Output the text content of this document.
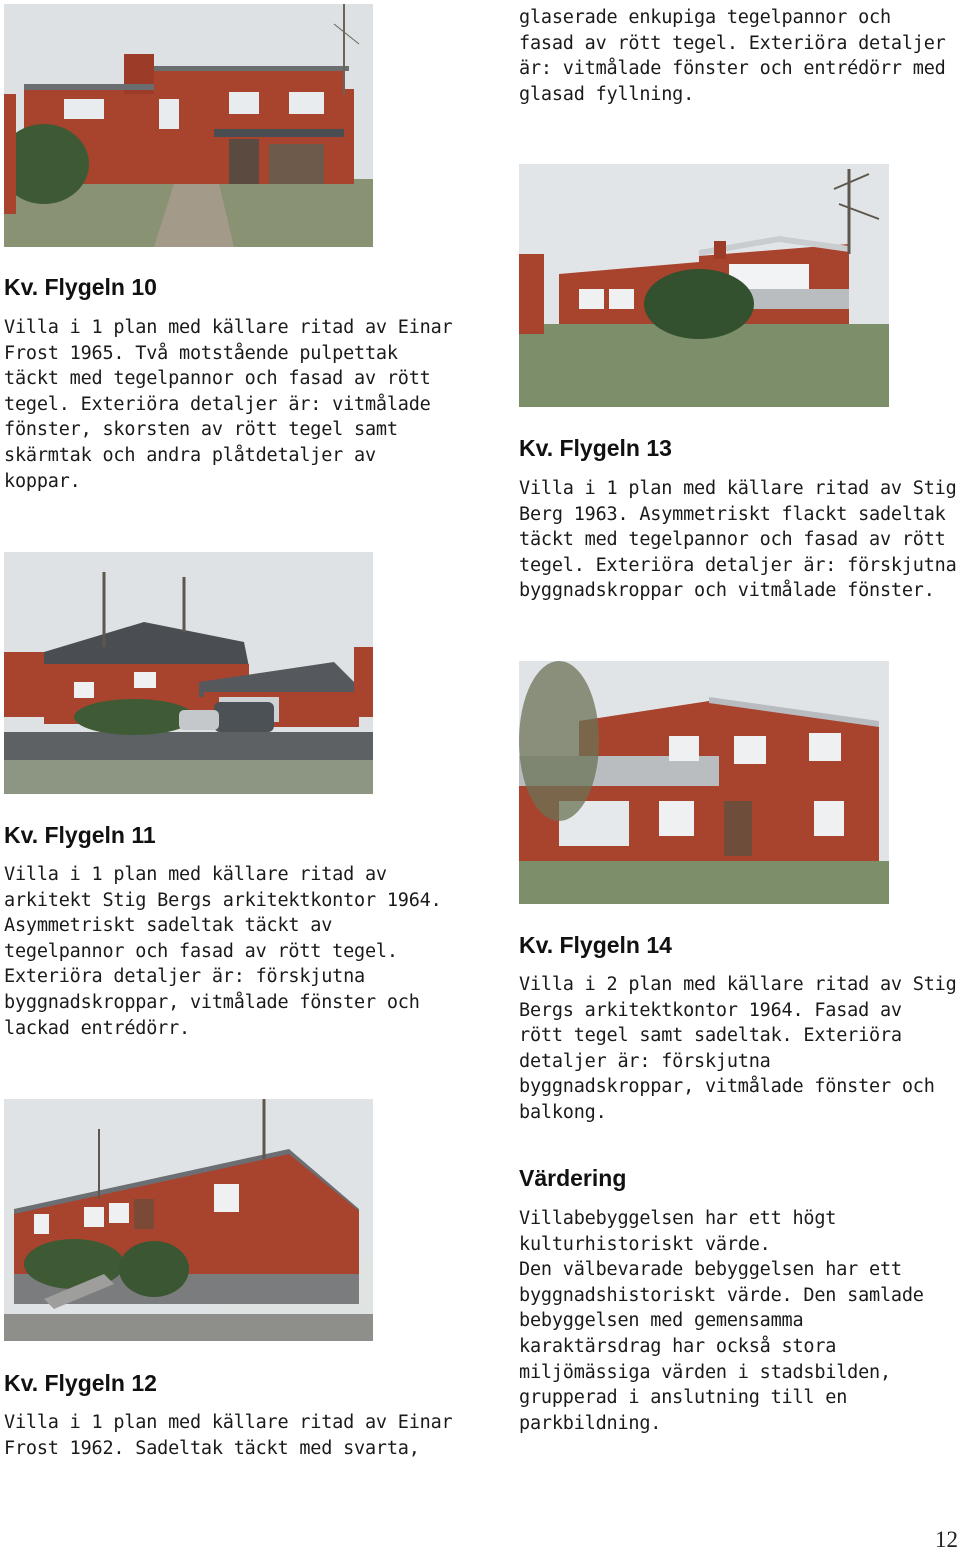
glaserade enkupiga tegelpannor och
fasad av rött tegel. Exteriöra detaljer
är: vitmålade fönster och entrédörr med
glasad fyllning.
Kv. Flygeln 10
Villa i 1 plan med källare ritad av Einar
Frost 1965. Två motstående pulpettak
täckt med tegelpannor och fasad av rött
tegel. Exteriöra detaljer är: vitmålade
fönster, skorsten av rött tegel samt
skärmtak och andra plåtdetaljer av
koppar.
Kv. Flygeln 13
Villa i 1 plan med källare ritad av Stig
Berg 1963. Asymmetriskt flackt sadeltak
täckt med tegelpannor och fasad av rött
tegel. Exteriöra detaljer är: förskjutna
byggnadskroppar och vitmålade fönster.
Kv. Flygeln 11
Villa i 1 plan med källare ritad av
arkitekt Stig Bergs arkitektkontor 1964.
Asymmetriskt sadeltak täckt av
tegelpannor och fasad av rött tegel.
Exteriöra detaljer är: förskjutna
byggnadskroppar, vitmålade fönster och
lackad entrédörr.
Kv. Flygeln 14
Villa i 2 plan med källare ritad av Stig
Bergs arkitektkontor 1964. Fasad av
rött tegel samt sadeltak. Exteriöra
detaljer är: förskjutna
byggnadskroppar, vitmålade fönster och
balkong.
Värdering

Villabebyggelsen har ett högt
kulturhistoriskt värde.

Den välbevarade bebyggelsen har ett
byggnadshistoriskt värde. Den samlade
bebyggelsen med gemensamma
karaktärsdrag har också stora
miljömässiga värden i stadsbilden,
grupperad i anslutning till en
parkbildning.

Kv. Flygeln 12
Villa i 1 plan med källare ritad av Einar
Frost 1962. Sadeltak täckt med svarta,
12
